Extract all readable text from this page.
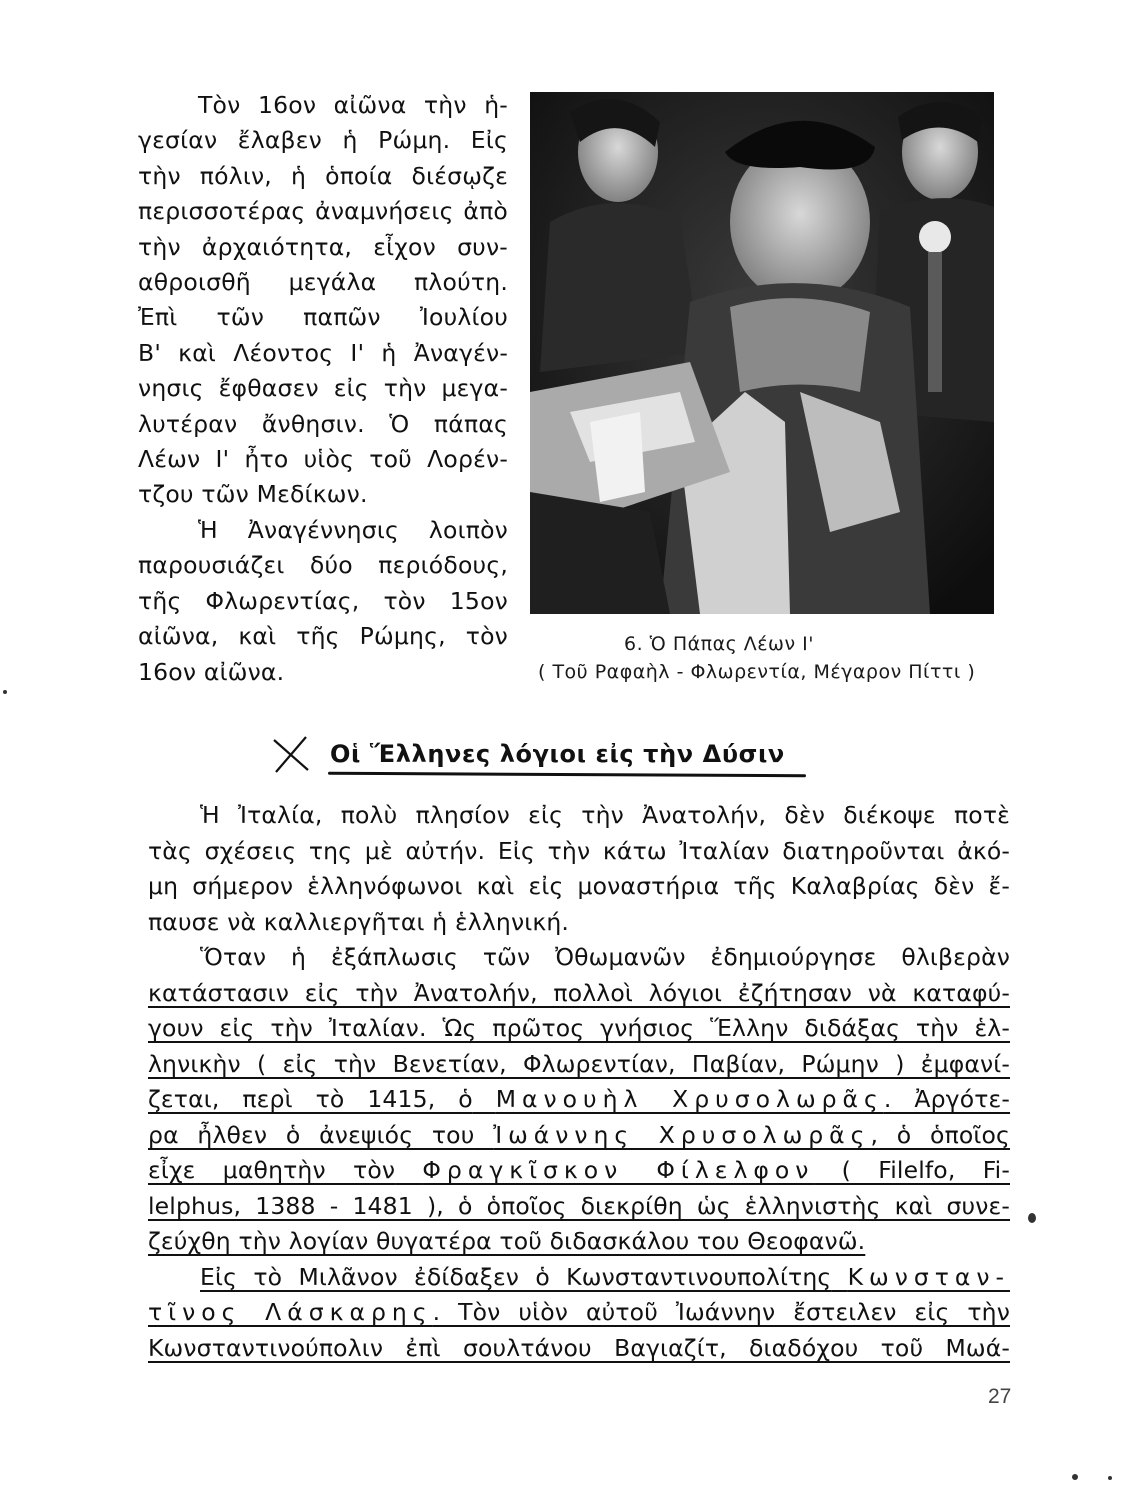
Τὸν 16ον αἰῶνα τὴν ἡ-
γεσίαν ἔλαβεν ἡ Ρώμη. Εἰς
τὴν πόλιν, ἡ ὁποία διέσῳζε
περισσοτέρας ἀναμνήσεις ἀπὸ
τὴν ἀρχαιότητα, εἶχον συν-
αθροισθῆ μεγάλα πλούτη.
Ἐπὶ τῶν παπῶν Ἰουλίου
Β' καὶ Λέοντος Ι' ἡ Ἀναγέν-
νησις ἔφθασεν εἰς τὴν μεγα-
λυτέραν ἄνθησιν. Ὁ πάπας
Λέων Ι' ἦτο υἱὸς τοῦ Λορέν-
τζου τῶν Μεδίκων.
Ἡ Ἀναγέννησις λοιπὸν
παρουσιάζει δύο περιόδους,
τῆς Φλωρεντίας, τὸν 15ον
αἰῶνα, καὶ τῆς Ρώμης, τὸν
16ον αἰῶνα.
6. Ὁ Πάπας Λέων Ι'
( Τοῦ Ραφαὴλ - Φλωρεντία, Μέγαρον Πίττι )
Οἱ Ἕλληνες λόγιοι εἰς τὴν Δύσιν
Ἡ Ἰταλία, πολὺ πλησίον εἰς τὴν Ἀνατολήν, δὲν διέκοψε ποτὲ
τὰς σχέσεις της μὲ αὐτήν. Εἰς τὴν κάτω Ἰταλίαν διατηροῦνται ἀκό-
μη σήμερον ἑλληνόφωνοι καὶ εἰς μοναστήρια τῆς Καλαβρίας δὲν ἔ-
παυσε νὰ καλλιεργῆται ἡ ἑλληνική.
Ὅταν ἡ ἐξάπλωσις τῶν Ὀθωμανῶν ἐδημιούργησε θλιβερὰν
κατάστασιν εἰς τὴν Ἀνατολήν, πολλοὶ λόγιοι ἐζήτησαν νὰ καταφύ-
γουν εἰς τὴν Ἰταλίαν. Ὡς πρῶτος γνήσιος Ἕλλην διδάξας τὴν ἑλ-
ληνικὴν ( εἰς τὴν Βενετίαν, Φλωρεντίαν, Παβίαν, Ρώμην ) ἐμφανί-
ζεται, περὶ τὸ 1415, ὁ Μανουὴλ Χρυσολωρᾶς. Ἀργότε-
ρα ἦλθεν ὁ ἀνεψιός του Ἰωάννης Χρυσολωρᾶς, ὁ ὁποῖος
εἶχε μαθητὴν τὸν Φραγκῖσκον Φίλελφον ( Filelfo, Fi-
lelphus, 1388 - 1481 ), ὁ ὁποῖος διεκρίθη ὡς ἑλληνιστὴς καὶ συνε-
ζεύχθη τὴν λογίαν θυγατέρα τοῦ διδασκάλου του Θεοφανῶ.
Εἰς τὸ Μιλᾶνον ἐδίδαξεν ὁ Κωνσταντινουπολίτης Κωνσταν-
τῖνος Λάσκαρης. Τὸν υἱὸν αὐτοῦ Ἰωάννην ἔστειλεν εἰς τὴν
Κωνσταντινούπολιν ἐπὶ σουλτάνου Βαγιαζίτ, διαδόχου τοῦ Μωά-
27
